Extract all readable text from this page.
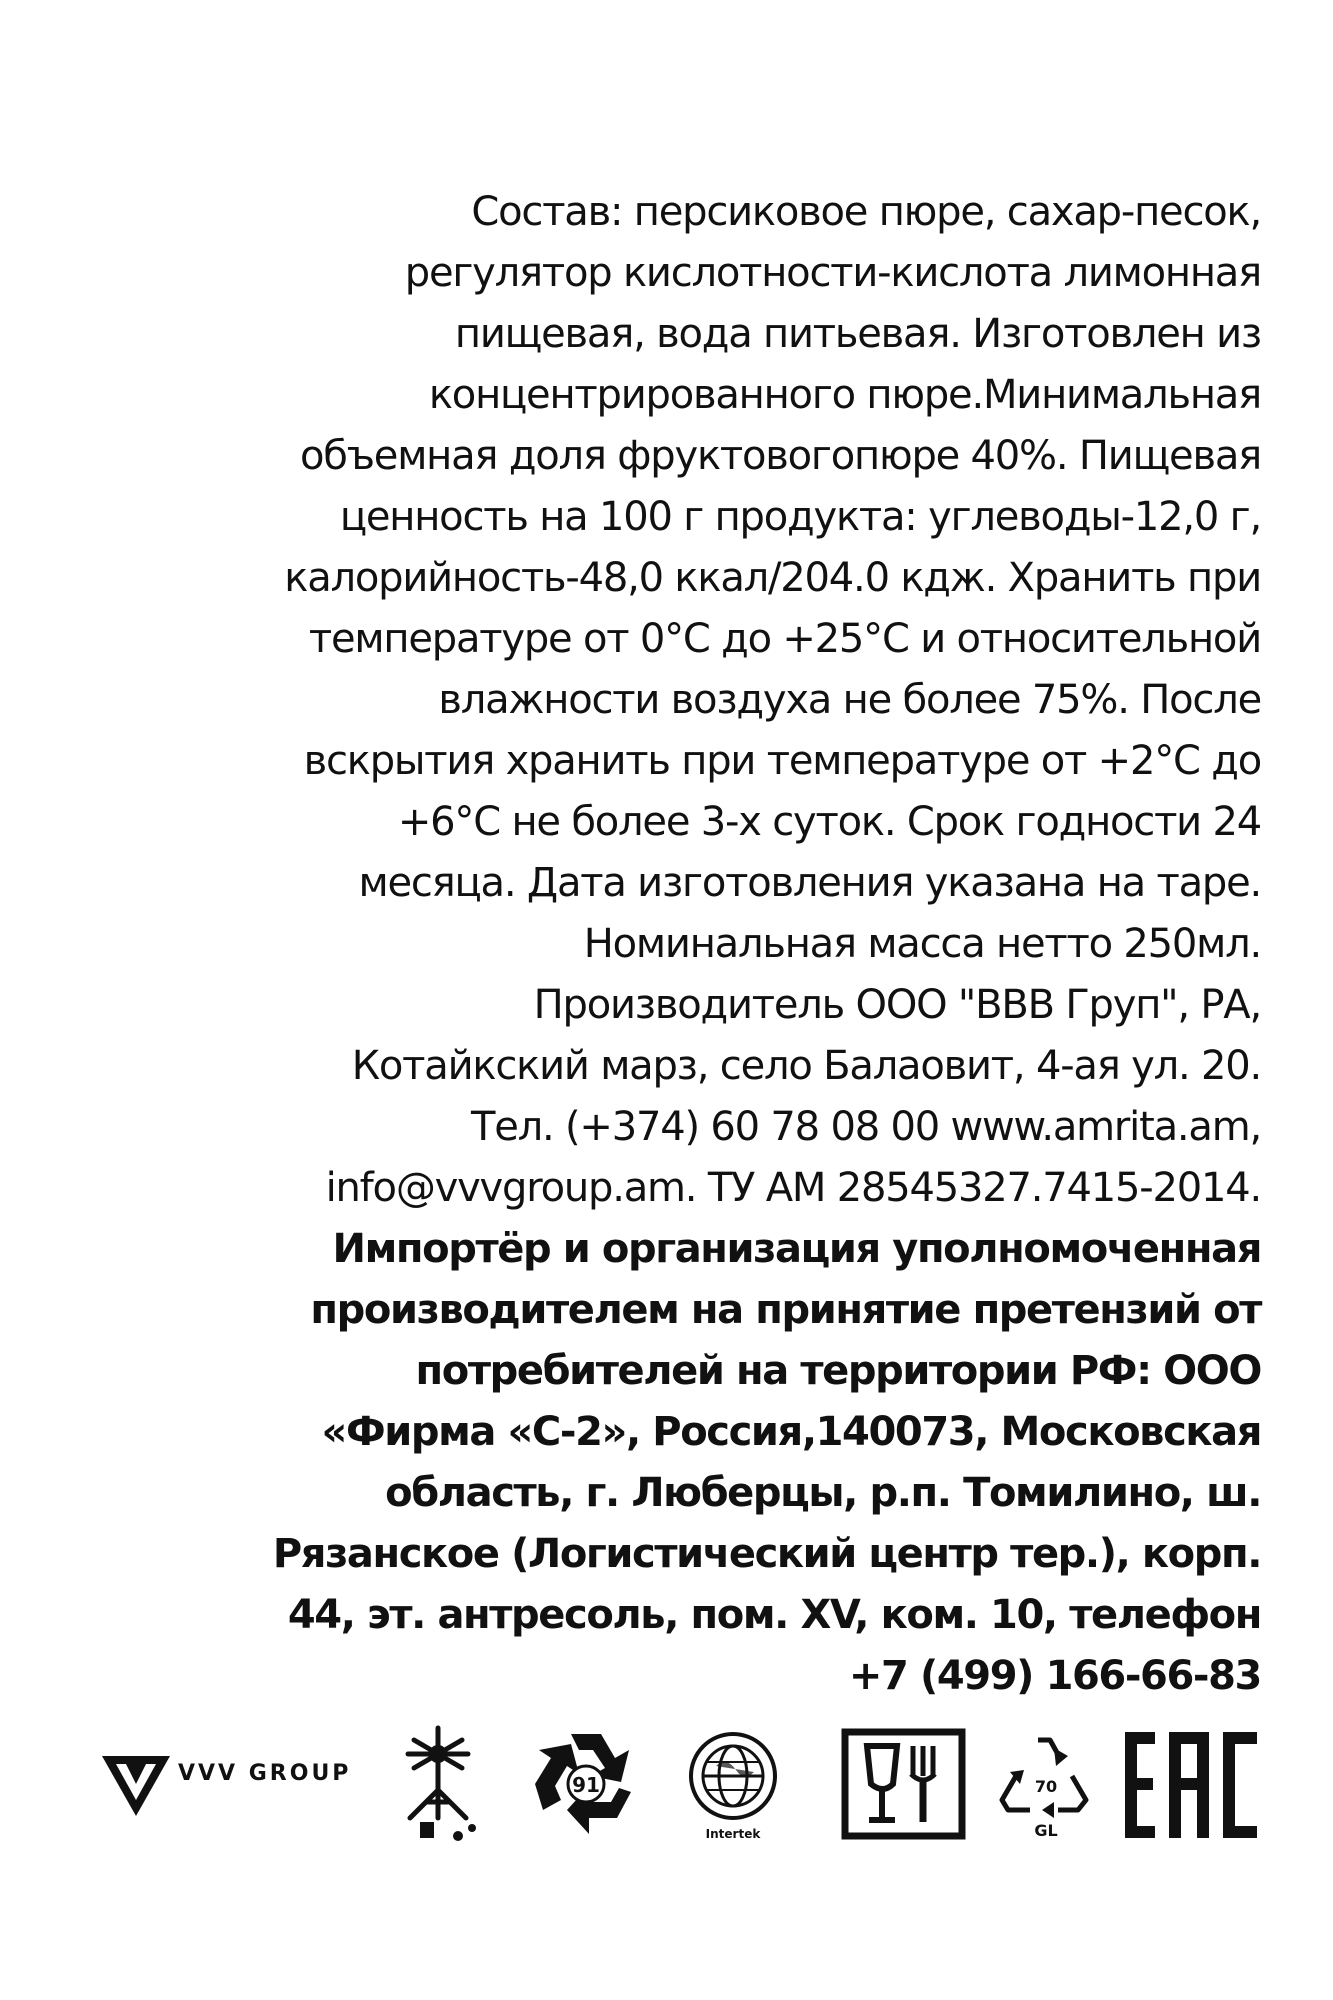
Состав: персиковое пюре, сахар-песок,
регулятор кислотности-кислота лимонная
пищевая, вода питьевая. Изготовлен из
концентрированного пюре.Минимальная
объемная доля фруктовогопюре 40%. Пищевая
ценность на 100 г продукта: углеводы-12,0 г,
калорийность-48,0 ккал/204.0 кдж. Хранить при
температуре от 0°С до +25°С и относительной
влажности воздуха не более 75%. После
вскрытия хранить при температуре от +2°С до
+6°С не более 3-х суток. Срок годности 24
месяца. Дата изготовления указана на таре.
Номинальная масса нетто 250мл.
Производитель ООО "ВВВ Груп", РА,
Котайкский марз, село Балаовит, 4-ая ул. 20.
Тел. (+374) 60 78 08 00 www.amrita.am,
info@vvvgroup.am. ТУ АМ 28545327.7415-2014.
Импортёр и организация уполномоченная
производителем на принятие претензий от
потребителей на территории РФ: ООО
«Фирма «С-2», Россия,140073, Московская
область, г. Люберцы, р.п. Томилино, ш.
Рязанское (Логистический центр тер.), корп.
44, эт. антресоль, пом. XV, ком. 10, телефон
+7 (499) 166-66-83
VVV GROUP	91
Intertek
70
GL
